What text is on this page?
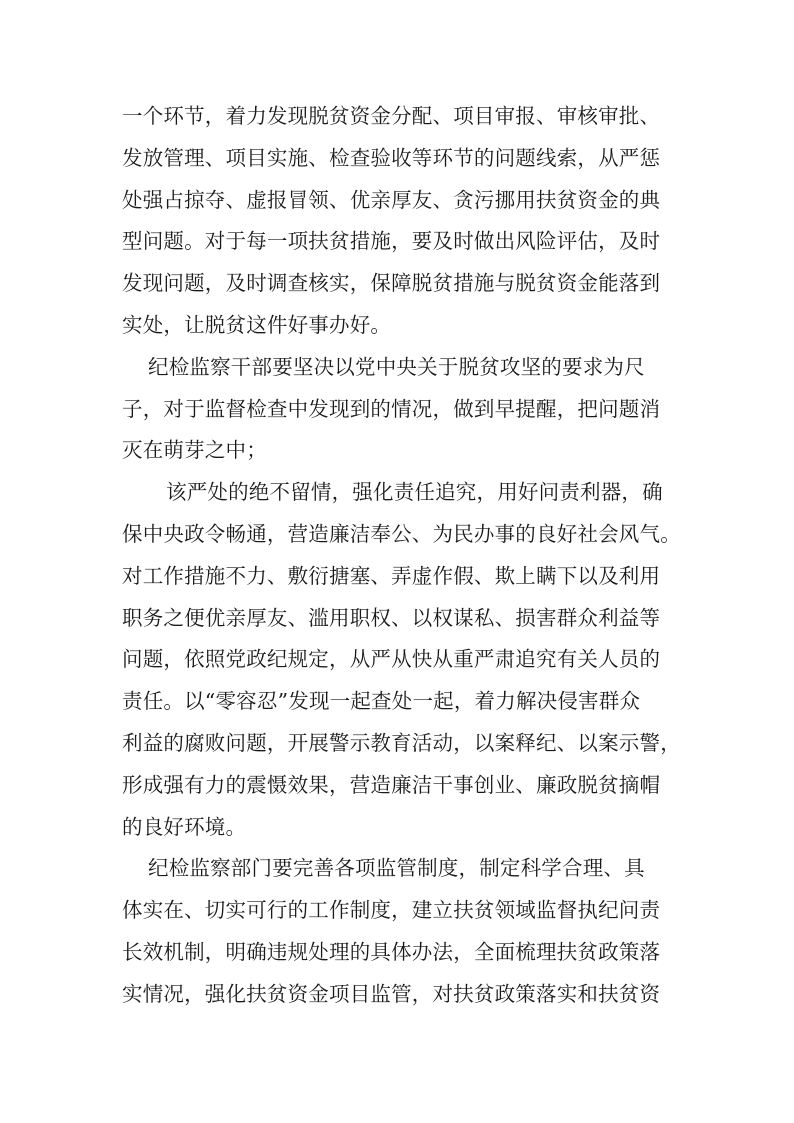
一个环节，着力发现脱贫资金分配、项目审报、审核审批、
发放管理、项目实施、检查验收等环节的问题线索，从严惩
处强占掠夺、虚报冒领、优亲厚友、贪污挪用扶贫资金的典
型问题。对于每一项扶贫措施，要及时做出风险评估，及时
发现问题，及时调查核实，保障脱贫措施与脱贫资金能落到
实处，让脱贫这件好事办好。
纪检监察干部要坚决以党中央关于脱贫攻坚的要求为尺
子，对于监督检查中发现到的情况，做到早提醒，把问题消
灭在萌芽之中；
该严处的绝不留情，强化责任追究，用好问责利器，确
保中央政令畅通，营造廉洁奉公、为民办事的良好社会风气。
对工作措施不力、敷衍搪塞、弄虚作假、欺上瞒下以及利用
职务之便优亲厚友、滥用职权、以权谋私、损害群众利益等
问题，依照党政纪规定，从严从快从重严肃追究有关人员的
责任。以“零容忍”发现一起查处一起，着力解决侵害群众
利益的腐败问题，开展警示教育活动，以案释纪、以案示警，
形成强有力的震慑效果，营造廉洁干事创业、廉政脱贫摘帽
的良好环境。
纪检监察部门要完善各项监管制度，制定科学合理、具
体实在、切实可行的工作制度，建立扶贫领域监督执纪问责
长效机制，明确违规处理的具体办法，全面梳理扶贫政策落
实情况，强化扶贫资金项目监管，对扶贫政策落实和扶贫资
